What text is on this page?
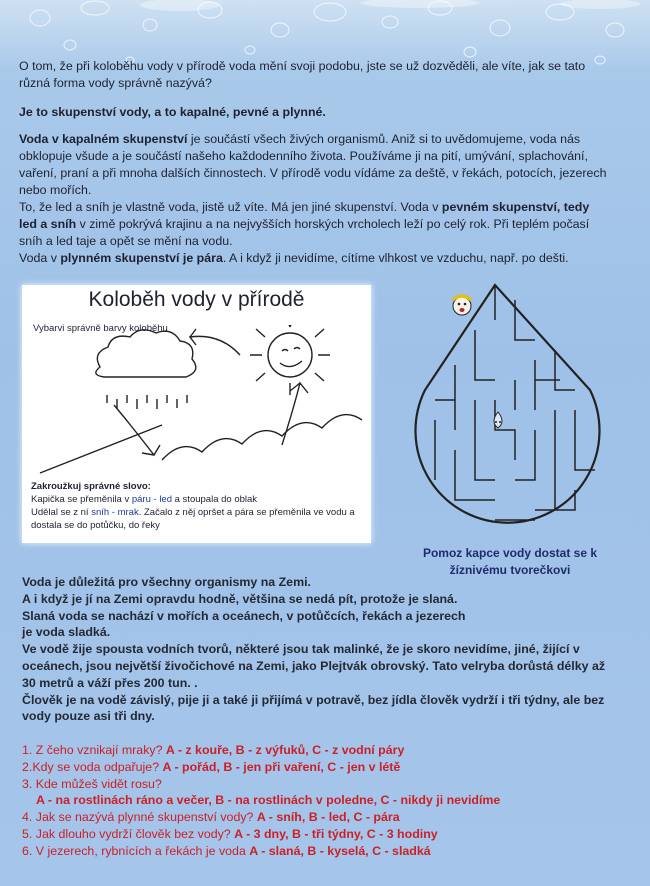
O tom, že při koloběhu vody v přírodě voda mění svoji podobu, jste se už dozvěděli, ale víte, jak se tato různá forma vody správně nazývá?

Je to skupenství vody, a to kapalné, pevné a plynné.

Voda v kapalném skupenství je součástí všech živých organismů. Aniž si to uvědomujeme, voda nás obklopuje všude a je součástí našeho každodenního života. Používáme ji na pití, umývání, splachování, vaření, praní a při mnoha dalších činnostech. V přírodě vodu vídáme za deště, v řekách, potocích, jezerech nebo mořích.

To, že led a sníh je vlastně voda, jistě už víte. Má jen jiné skupenství. Voda v pevném skupenství, tedy led a sníh v zimě pokrývá krajinu a na nejvyšších horských vrcholech leží po celý rok. Při teplém počasí sníh a led taje a opět se mění na vodu.

Voda v plynném skupenství je pára. A i když ji nevidíme, cítíme vlhkost ve vzduchu, např. po dešti.

Koloběh vody v přírodě
Vybarvi správně barvy koloběhu
Zakroužkuj správné slovo:
Kapička se přeměnila v páru - led a stoupala do oblak
Udělal se z ní sníh - mrak. Začalo z něj opršet a pára se přeměnila ve vodu a dostala se do potůčku, do řeky
Pomoz kapce vody dostat se k žíznivému tvorečkovi

Voda je důležitá pro všechny organismy na Zemi.

A i když je jí na Zemi opravdu hodně, většina se nedá pít, protože je slaná.

Slaná voda se nachází v mořích a oceánech, v potůčcích, řekách a jezerech

je voda sladká.

Ve vodě žije spousta vodních tvorů, některé jsou tak malinké, že je skoro nevidíme, jiné, žijící v oceánech, jsou největší živočichové na Zemi, jako Plejtvák obrovský. Tato velryba dorůstá délky až 30 metrů a váží přes 200 tun. .

Člověk je na vodě závislý, pije ji a také ji přijímá v potravě, bez jídla člověk vydrží i tři týdny, ale bez vody pouze asi tři dny.

1. Z čeho vznikají mraky? A - z kouře, B - z výfuků, C - z vodní páry

2.Kdy se voda odpařuje? A - pořád, B - jen při vaření, C - jen v létě

3. Kde můžeš vidět rosu?

A - na rostlinách ráno a večer, B - na rostlinách v poledne, C - nikdy ji nevidíme

4. Jak se nazývá plynné skupenství vody? A - sníh, B - led, C - pára

5. Jak dlouho vydrží člověk bez vody? A - 3 dny, B - tři týdny, C - 3 hodiny

6. V jezerech, rybnících a řekách je voda A - slaná, B - kyselá, C - sladká
